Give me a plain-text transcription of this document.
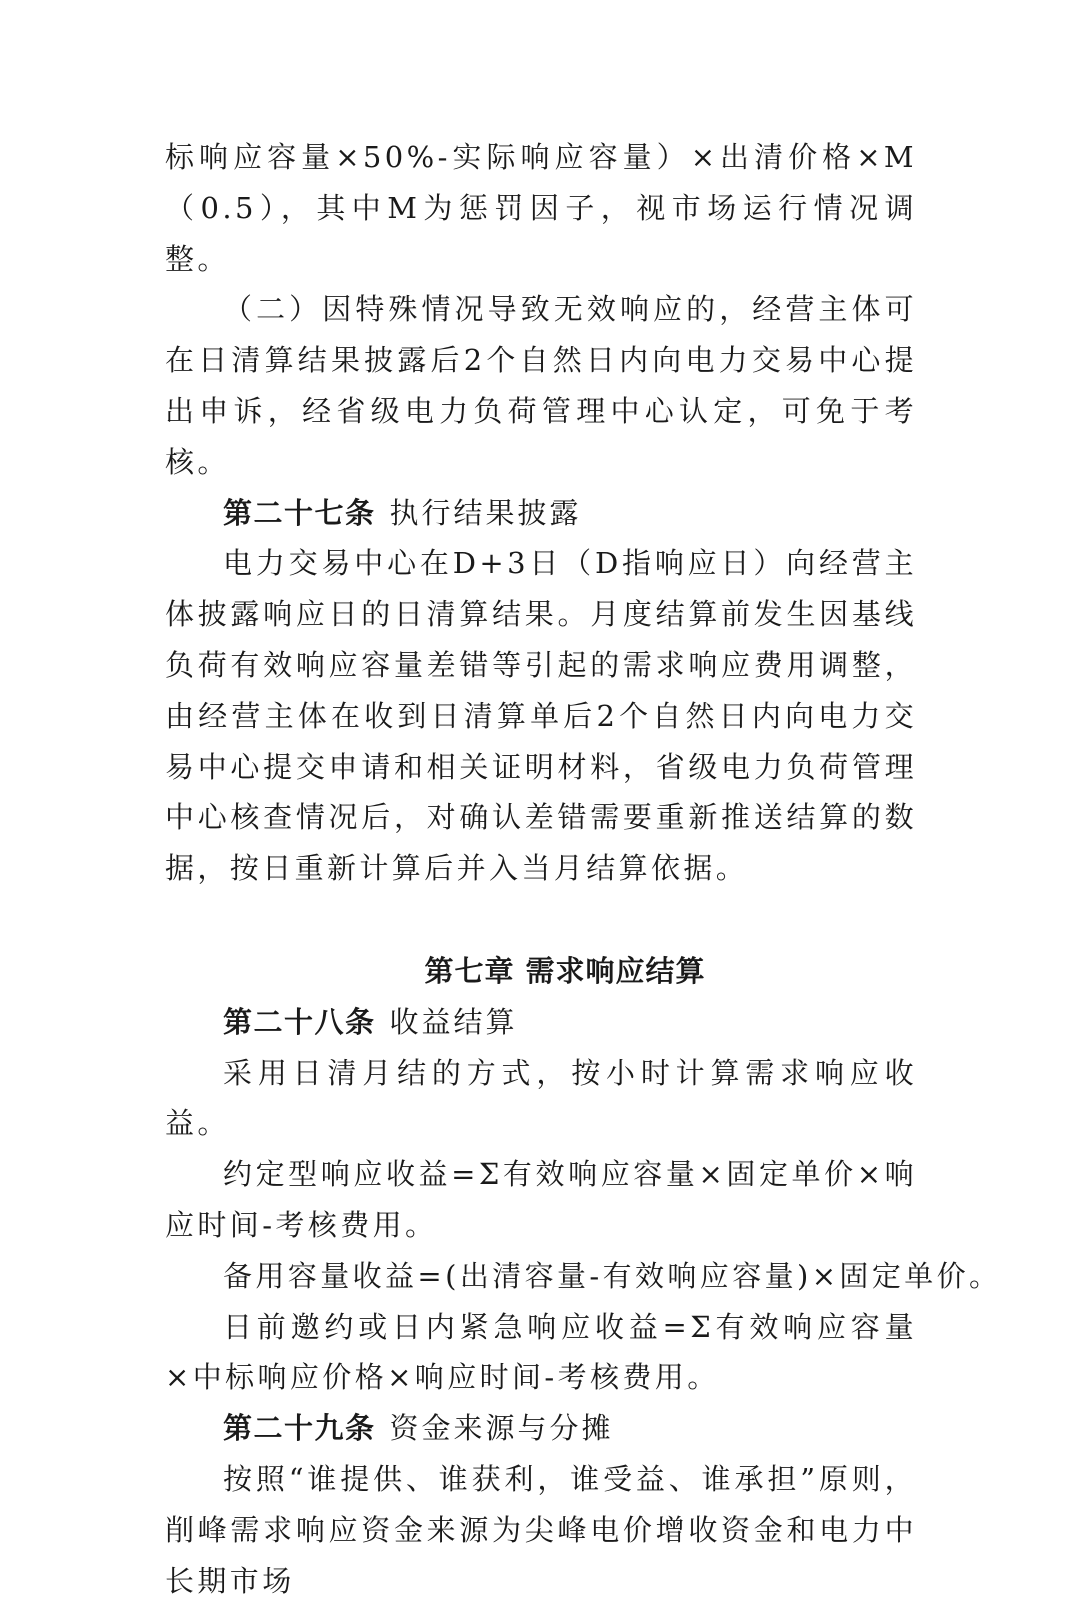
标响应容量×50%-实际响应容量）×出清价格×M（0.5），其中M为惩罚因子，视市场运行情况调整。

（二）因特殊情况导致无效响应的，经营主体可在日清算结果披露后2个自然日内向电力交易中心提出申诉，经省级电力负荷管理中心认定，可免于考核。

第二十七条 执行结果披露

电力交易中心在D+3日（D指响应日）向经营主体披露响应日的日清算结果。月度结算前发生因基线负荷有效响应容量差错等引起的需求响应费用调整，由经营主体在收到日清算单后2个自然日内向电力交易中心提交申请和相关证明材料，省级电力负荷管理中心核查情况后，对确认差错需要重新推送结算的数据，按日重新计算后并入当月结算依据。

第七章 需求响应结算

第二十八条 收益结算

采用日清月结的方式，按小时计算需求响应收益。

约定型响应收益=Σ有效响应容量×固定单价×响应时间-考核费用。

备用容量收益=(出清容量-有效响应容量)×固定单价。

日前邀约或日内紧急响应收益=Σ有效响应容量×中标响应价格×响应时间-考核费用。

第二十九条 资金来源与分摊

按照“谁提供、谁获利，谁受益、谁承担”原则，削峰需求响应资金来源为尖峰电价增收资金和电力中长期市场
